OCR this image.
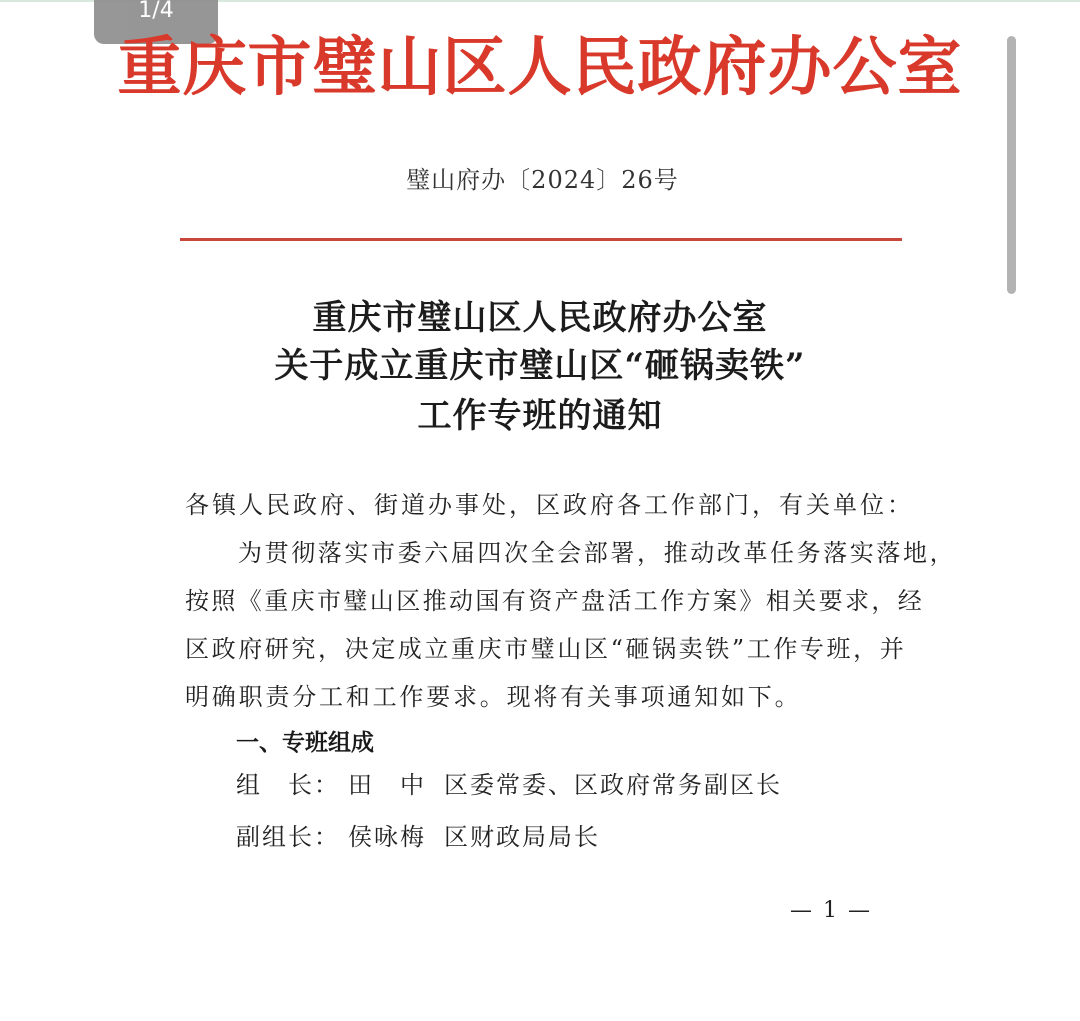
1/4
重庆市璧山区人民政府办公室
璧山府办〔2024〕26号
重庆市璧山区人民政府办公室
关于成立重庆市璧山区“砸锅卖铁”
工作专班的通知
各镇人民政府、街道办事处，区政府各工作部门，有关单位：
为贯彻落实市委六届四次全会部署，推动改革任务落实落地，
按照《重庆市璧山区推动国有资产盘活工作方案》相关要求，经
区政府研究，决定成立重庆市璧山区“砸锅卖铁”工作专班，并
明确职责分工和工作要求。现将有关事项通知如下。
一、专班组成
组　长： 田　中 区委常委、区政府常务副区长
副组长： 侯咏梅 区财政局局长
— 1 —
